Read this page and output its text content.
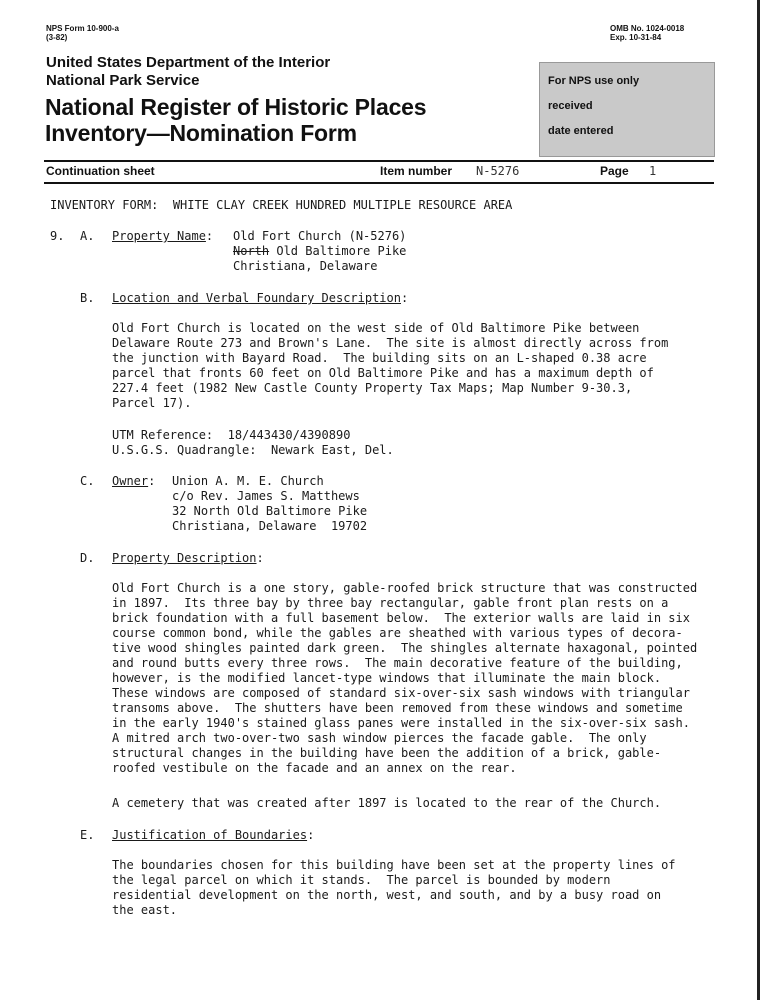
NPS Form 10-900-a
(3-82)
OMB No. 1024-0018
Exp. 10-31-84
United States Department of the Interior
National Park Service
National Register of Historic Places
Inventory—Nomination Form
For NPS use only
received
date entered
Continuation sheet	Item number N-5276	Page 1
INVENTORY FORM:  WHITE CLAY CREEK HUNDRED MULTIPLE RESOURCE AREA
9. A. Property Name: Old Fort Church (N-5276)
North Old Baltimore Pike
Christiana, Delaware
B. Location and Verbal Foundary Description:
Old Fort Church is located on the west side of Old Baltimore Pike between
Delaware Route 273 and Brown's Lane.  The site is almost directly across from
the junction with Bayard Road.  The building sits on an L-shaped 0.38 acre
parcel that fronts 60 feet on Old Baltimore Pike and has a maximum depth of
227.4 feet (1982 New Castle County Property Tax Maps; Map Number 9-30.3,
Parcel 17).
UTM Reference:  18/443430/4390890
U.S.G.S. Quadrangle:  Newark East, Del.
C. Owner: Union A. M. E. Church
c/o Rev. James S. Matthews
32 North Old Baltimore Pike
Christiana, Delaware  19702
D. Property Description:
Old Fort Church is a one story, gable-roofed brick structure that was constructed
in 1897.  Its three bay by three bay rectangular, gable front plan rests on a
brick foundation with a full basement below.  The exterior walls are laid in six
course common bond, while the gables are sheathed with various types of decora-
tive wood shingles painted dark green.  The shingles alternate haxagonal, pointed
and round butts every three rows.  The main decorative feature of the building,
however, is the modified lancet-type windows that illuminate the main block.
These windows are composed of standard six-over-six sash windows with triangular
transoms above.  The shutters have been removed from these windows and sometime
in the early 1940's stained glass panes were installed in the six-over-six sash.
A mitred arch two-over-two sash window pierces the facade gable.  The only
structural changes in the building have been the addition of a brick, gable-
roofed vestibule on the facade and an annex on the rear.
A cemetery that was created after 1897 is located to the rear of the Church.
E. Justification of Boundaries:
The boundaries chosen for this building have been set at the property lines of
the legal parcel on which it stands.  The parcel is bounded by modern
residential development on the north, west, and south, and by a busy road on
the east.
